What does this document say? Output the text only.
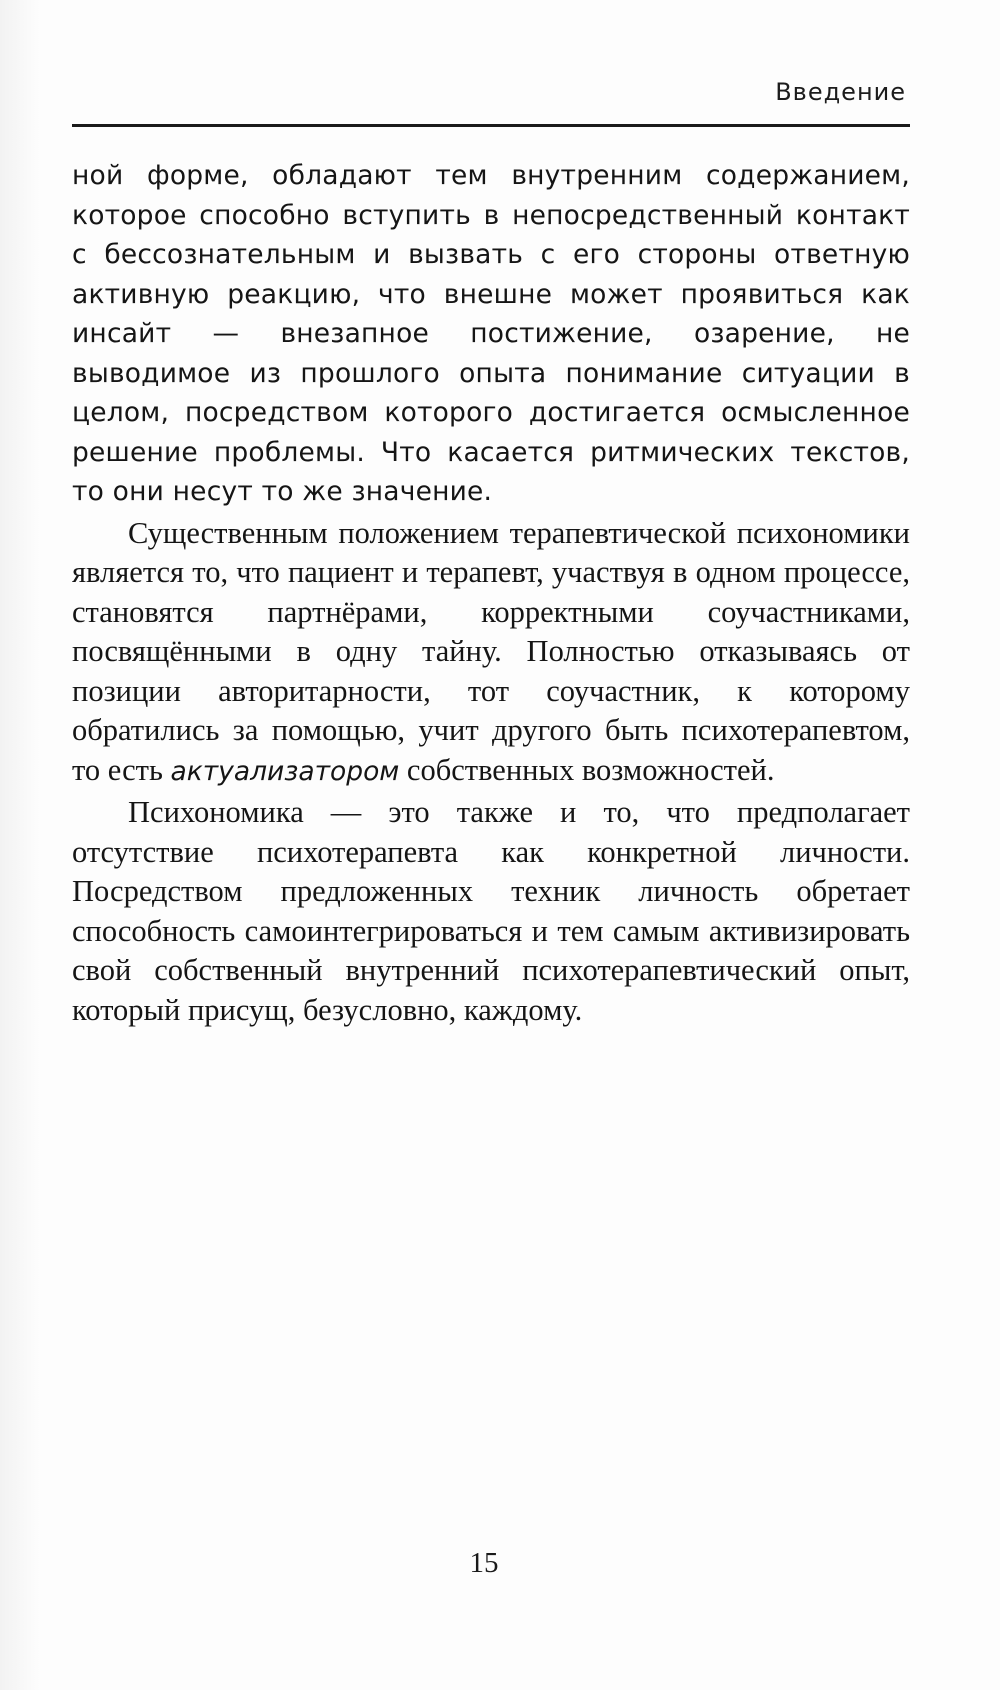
Введение

ной форме, обладают тем внутренним содержанием, которое способно вступить в непосредственный контакт с бессознательным и вызвать с его стороны ответную активную реакцию, что внешне может проявиться как инсайт — внезапное постижение, озарение, не выводимое из прошлого опыта понимание ситуации в целом, посредством которого достигается осмысленное решение проблемы. Что касается ритмических текстов, то они несут то же значение.

Существенным положением терапевтической психономики является то, что пациент и терапевт, участвуя в одном процессе, становятся партнёрами, корректными соучастниками, посвящёнными в одну тайну. Полностью отказываясь от позиции авторитарности, тот соучастник, к которому обратились за помощью, учит другого быть психотерапевтом, то есть актуализатором собственных возможностей.

Психономика — это также и то, что предполагает отсутствие психотерапевта как конкретной личности. Посредством предложенных техник личность обретает способность самоинтегрироваться и тем самым активизировать свой собственный внутренний психотерапевтический опыт, который присущ, безусловно, каждому.

15
